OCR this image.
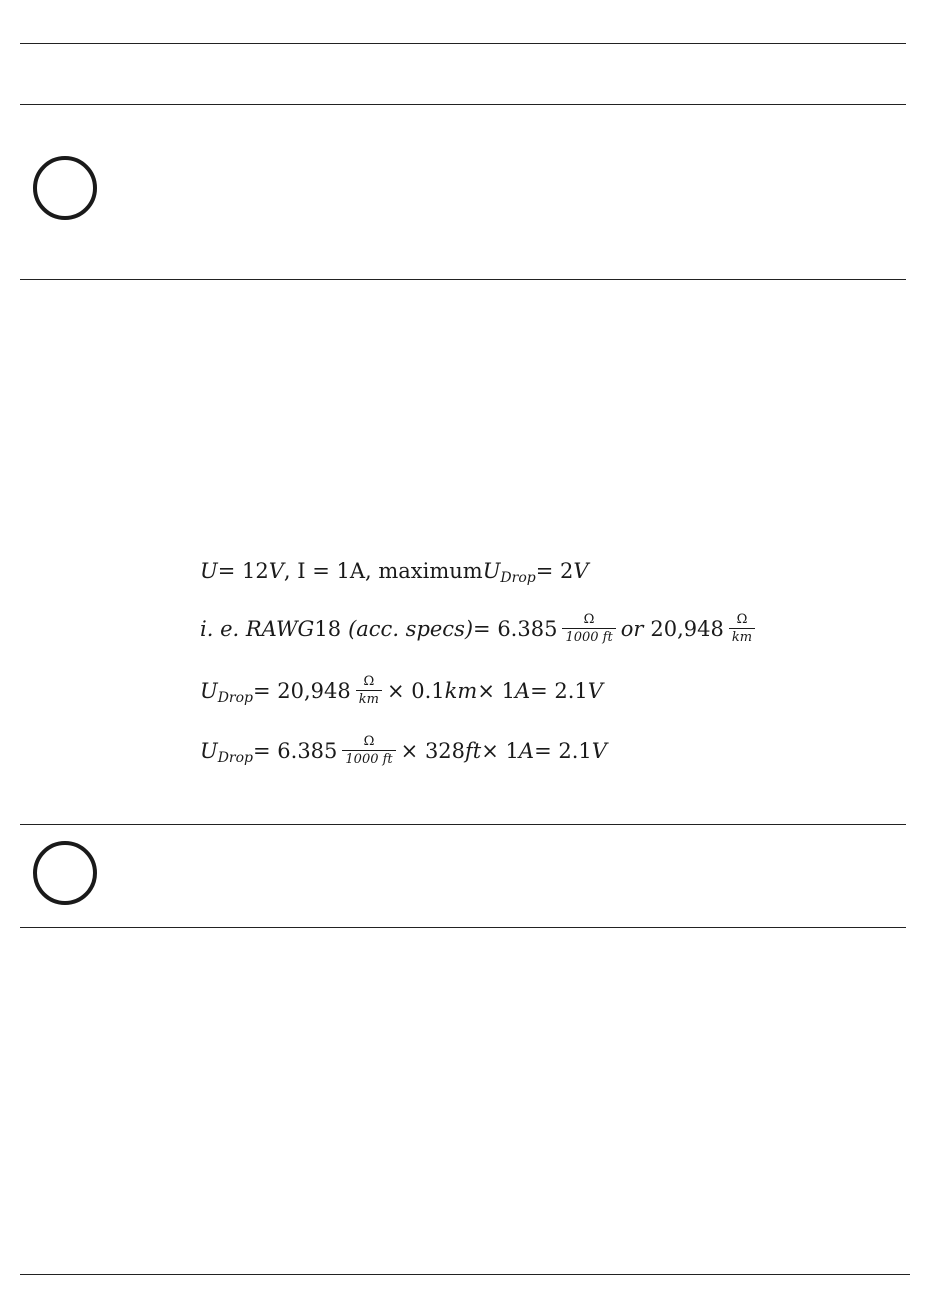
U = 12 V , I = 1A, maximum U Drop = 2 V
i. e. RAWG 18 (acc. specs) = $6.385 \frac{\Omega}{1000 ft}$ or $20,948 \frac{\Omega}{km}$
U Drop = $20,948 \frac{\Omega}{km} \times 0.1$ km × 1 A = 2.1 V
U Drop = $6.385 \frac{\Omega}{1000 ft} \times 328$ ft × 1 A = 2.1 V
